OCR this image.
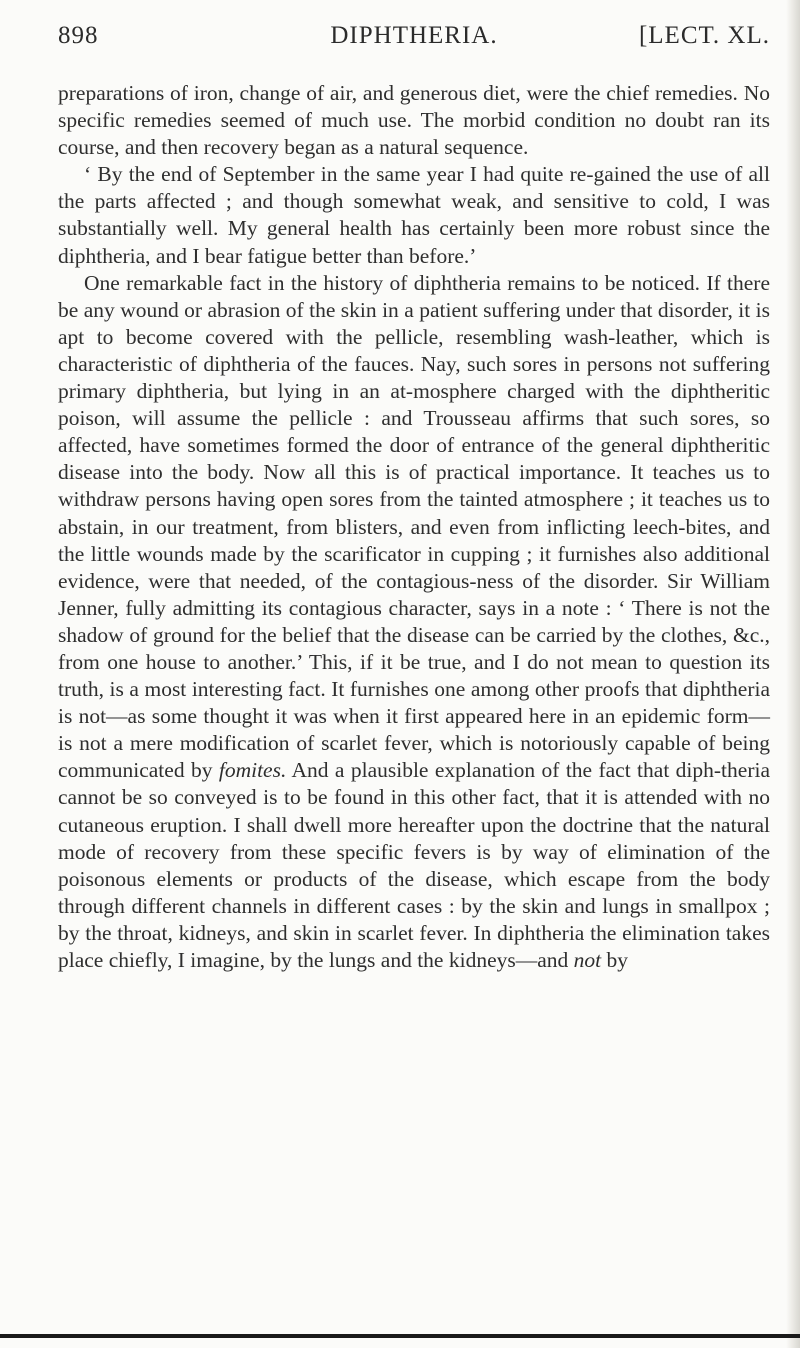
898	DIPHTHERIA.	[LECT. XL.

preparations of iron, change of air, and generous diet, were the chief remedies. No specific remedies seemed of much use. The morbid condition no doubt ran its course, and then recovery began as a natural sequence.

‘ By the end of September in the same year I had quite re-gained the use of all the parts affected ; and though somewhat weak, and sensitive to cold, I was substantially well. My general health has certainly been more robust since the diphtheria, and I bear fatigue better than before.’

One remarkable fact in the history of diphtheria remains to be noticed. If there be any wound or abrasion of the skin in a patient suffering under that disorder, it is apt to become covered with the pellicle, resembling wash-leather, which is characteristic of diphtheria of the fauces. Nay, such sores in persons not suffering primary diphtheria, but lying in an at-mosphere charged with the diphtheritic poison, will assume the pellicle : and Trousseau affirms that such sores, so affected, have sometimes formed the door of entrance of the general diphtheritic disease into the body. Now all this is of practical importance. It teaches us to withdraw persons having open sores from the tainted atmosphere ; it teaches us to abstain, in our treatment, from blisters, and even from inflicting leech-bites, and the little wounds made by the scarificator in cupping ; it furnishes also additional evidence, were that needed, of the contagious-ness of the disorder. Sir William Jenner, fully admitting its contagious character, says in a note : ‘ There is not the shadow of ground for the belief that the disease can be carried by the clothes, &c., from one house to another.’ This, if it be true, and I do not mean to question its truth, is a most interesting fact. It furnishes one among other proofs that diphtheria is not—as some thought it was when it first appeared here in an epidemic form—is not a mere modification of scarlet fever, which is notoriously capable of being communicated by fomites. And a plausible explanation of the fact that diph-theria cannot be so conveyed is to be found in this other fact, that it is attended with no cutaneous eruption. I shall dwell more hereafter upon the doctrine that the natural mode of recovery from these specific fevers is by way of elimination of the poisonous elements or products of the disease, which escape from the body through different channels in different cases : by the skin and lungs in smallpox ; by the throat, kidneys, and skin in scarlet fever. In diphtheria the elimination takes place chiefly, I imagine, by the lungs and the kidneys—and not by
